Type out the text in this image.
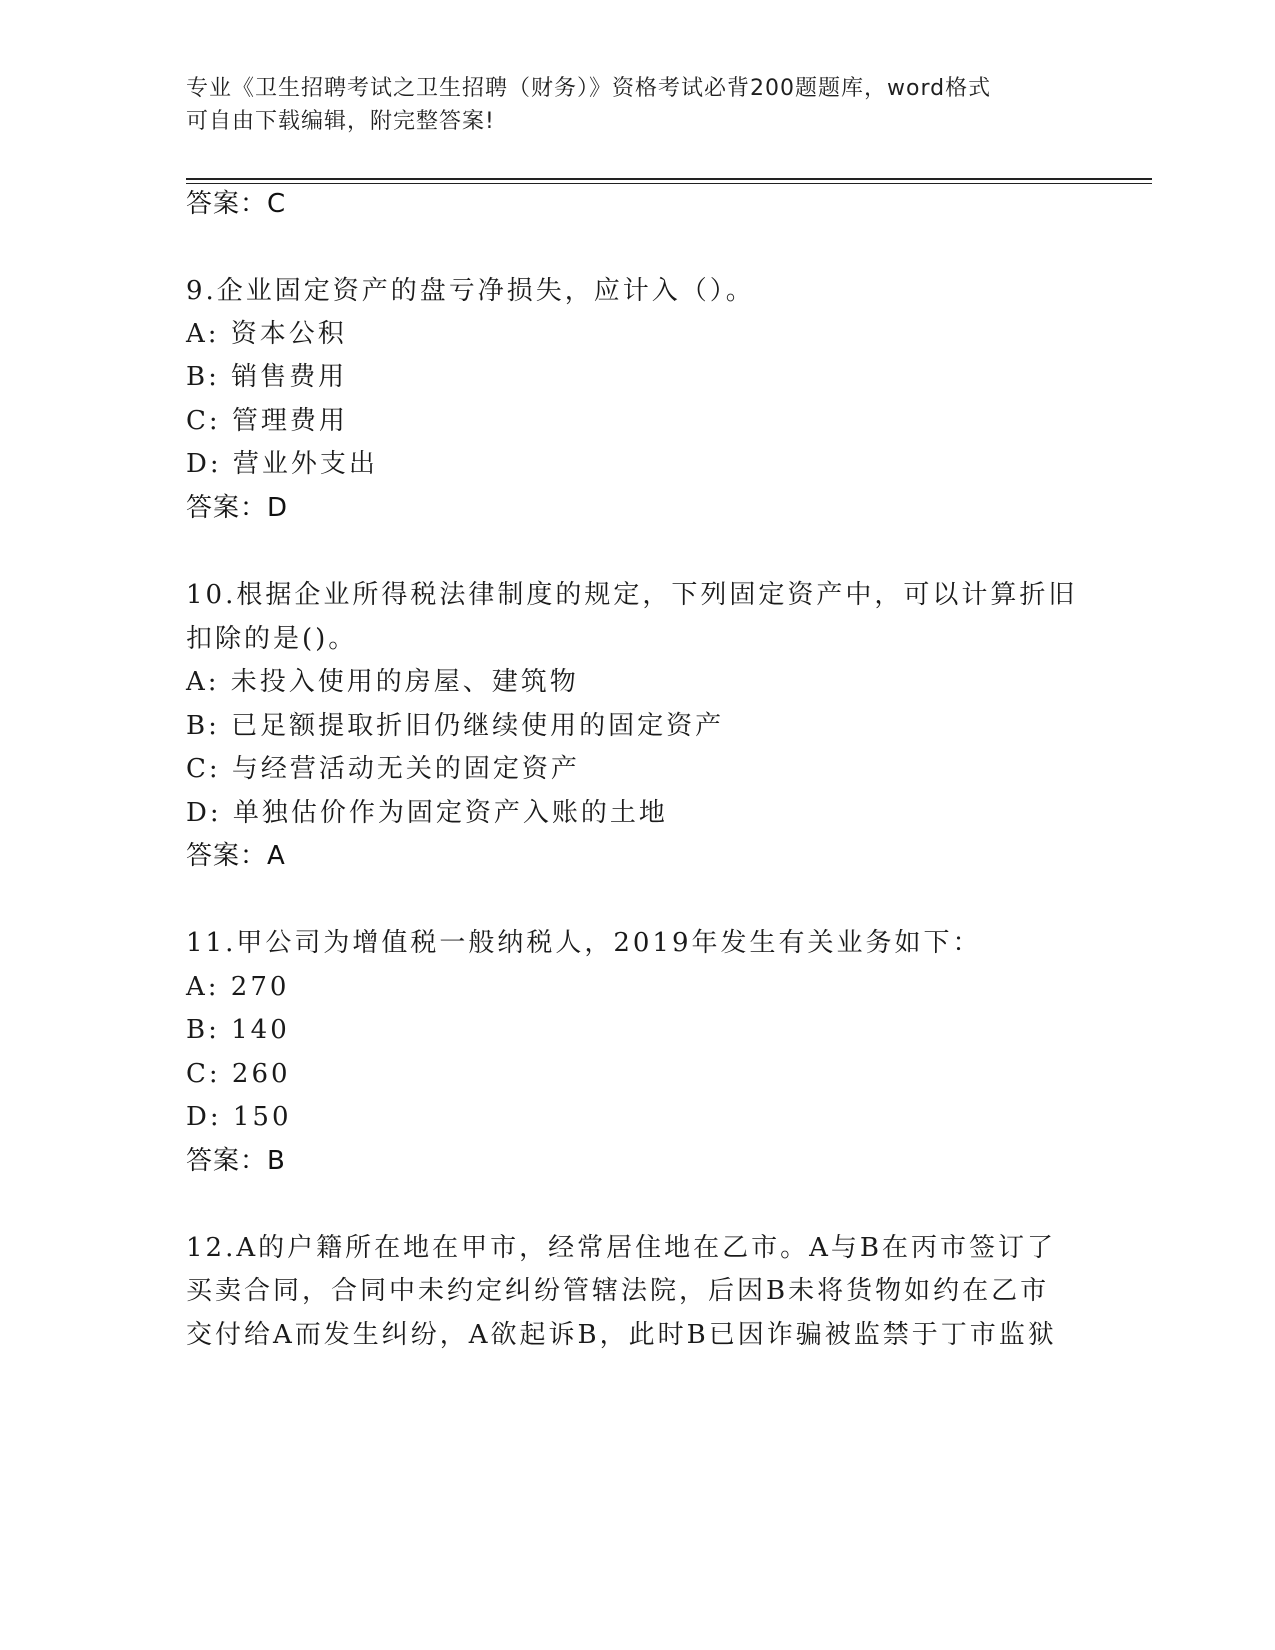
专业《卫生招聘考试之卫生招聘（财务）》资格考试必背200题题库，word格式
可自由下载编辑，附完整答案!
答案：C
9.企业固定资产的盘亏净损失，应计入（）。
A: 资本公积
B: 销售费用
C: 管理费用
D: 营业外支出
答案：D
10.根据企业所得税法律制度的规定，下列固定资产中，可以计算折旧
扣除的是()。
A: 未投入使用的房屋、建筑物
B: 已足额提取折旧仍继续使用的固定资产
C: 与经营活动无关的固定资产
D: 单独估价作为固定资产入账的土地
答案：A
11.甲公司为增值税一般纳税人，2019年发生有关业务如下：
A: 270
B: 140
C: 260
D: 150
答案：B
12.A的户籍所在地在甲市，经常居住地在乙市。A与B在丙市签订了
买卖合同，合同中未约定纠纷管辖法院，后因B未将货物如约在乙市
交付给A而发生纠纷，A欲起诉B，此时B已因诈骗被监禁于丁市监狱
